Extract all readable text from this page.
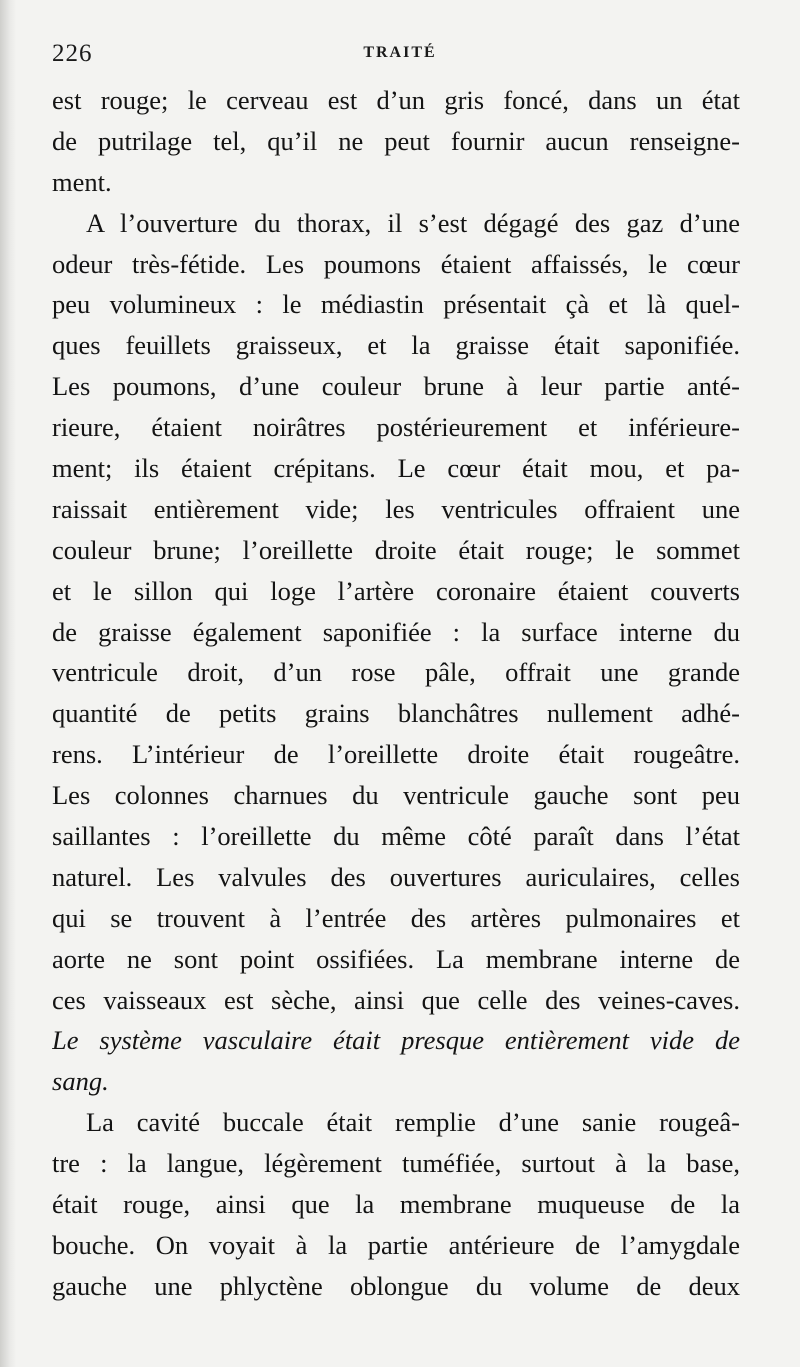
226	TRAITÉ
est rouge; le cerveau est d’un gris foncé, dans un état
de putrilage tel, qu’il ne peut fournir aucun renseigne-
ment.
A l’ouverture du thorax, il s’est dégagé des gaz d’une
odeur très-fétide. Les poumons étaient affaissés, le cœur
peu volumineux : le médiastin présentait çà et là quel-
ques feuillets graisseux, et la graisse était saponifiée.
Les poumons, d’une couleur brune à leur partie anté-
rieure, étaient noirâtres postérieurement et inférieure-
ment; ils étaient crépitans. Le cœur était mou, et pa-
raissait entièrement vide; les ventricules offraient une
couleur brune; l’oreillette droite était rouge; le sommet
et le sillon qui loge l’artère coronaire étaient couverts
de graisse également saponifiée : la surface interne du
ventricule droit, d’un rose pâle, offrait une grande
quantité de petits grains blanchâtres nullement adhé-
rens. L’intérieur de l’oreillette droite était rougeâtre.
Les colonnes charnues du ventricule gauche sont peu
saillantes : l’oreillette du même côté paraît dans l’état
naturel. Les valvules des ouvertures auriculaires, celles
qui se trouvent à l’entrée des artères pulmonaires et
aorte ne sont point ossifiées. La membrane interne de
ces vaisseaux est sèche, ainsi que celle des veines-caves.
Le système vasculaire était presque entièrement vide de
sang.
La cavité buccale était remplie d’une sanie rougeâ-
tre : la langue, légèrement tuméfiée, surtout à la base,
était rouge, ainsi que la membrane muqueuse de la
bouche. On voyait à la partie antérieure de l’amygdale
gauche une phlyctène oblongue du volume de deux
